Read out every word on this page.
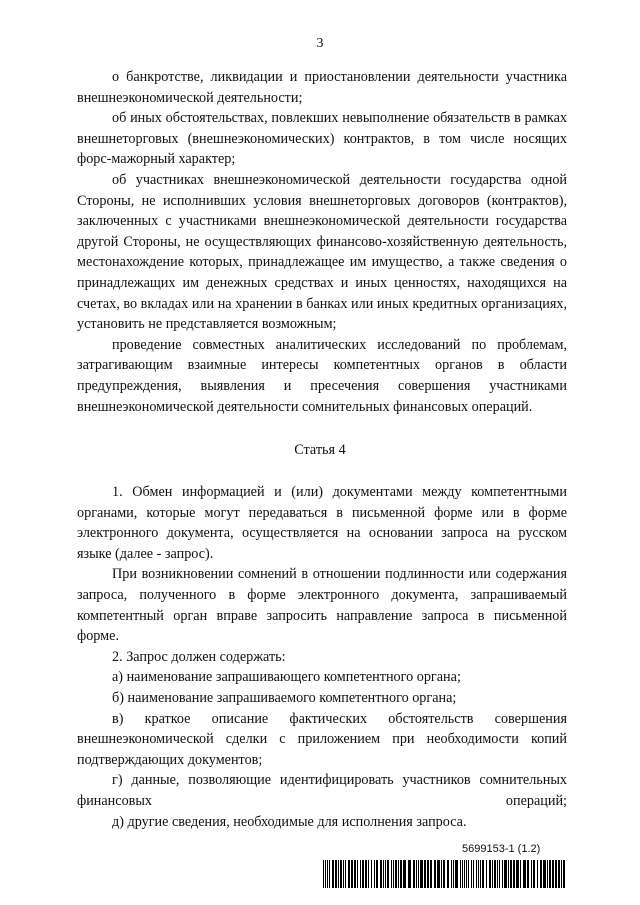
3

о банкротстве, ликвидации и приостановлении деятельности участника внешнеэкономической деятельности;

об иных обстоятельствах, повлекших невыполнение обязательств в рамках внешнеторговых (внешнеэкономических) контрактов, в том числе носящих форс-мажорный характер;

об участниках внешнеэкономической деятельности государства одной Стороны, не исполнивших условия внешнеторговых договоров (контрактов), заключенных с участниками внешнеэкономической деятельности государства другой Стороны, не осуществляющих финансово-хозяйственную деятельность, местонахождение которых, принадлежащее им имущество, а также сведения о принадлежащих им денежных средствах и иных ценностях, находящихся на счетах, во вкладах или на хранении в банках или иных кредитных организациях, установить не представляется возможным;

проведение совместных аналитических исследований по проблемам, затрагивающим взаимные интересы компетентных органов в области предупреждения, выявления и пресечения совершения участниками внешнеэкономической деятельности сомнительных финансовых операций.

Статья 4

1. Обмен информацией и (или) документами между компетентными органами, которые могут передаваться в письменной форме или в форме электронного документа, осуществляется на основании запроса на русском языке (далее - запрос).

При возникновении сомнений в отношении подлинности или содержания запроса, полученного в форме электронного документа, запрашиваемый компетентный орган вправе запросить направление запроса в письменной форме.

2. Запрос должен содержать:

а) наименование запрашивающего компетентного органа;

б) наименование запрашиваемого компетентного органа;

в) краткое описание фактических обстоятельств совершения внешнеэкономической сделки с приложением при необходимости копий подтверждающих документов;

г) данные, позволяющие идентифицировать участников сомнительных финансовых операций;

д) другие сведения, необходимые для исполнения запроса.

5699153-1 (1.2)
